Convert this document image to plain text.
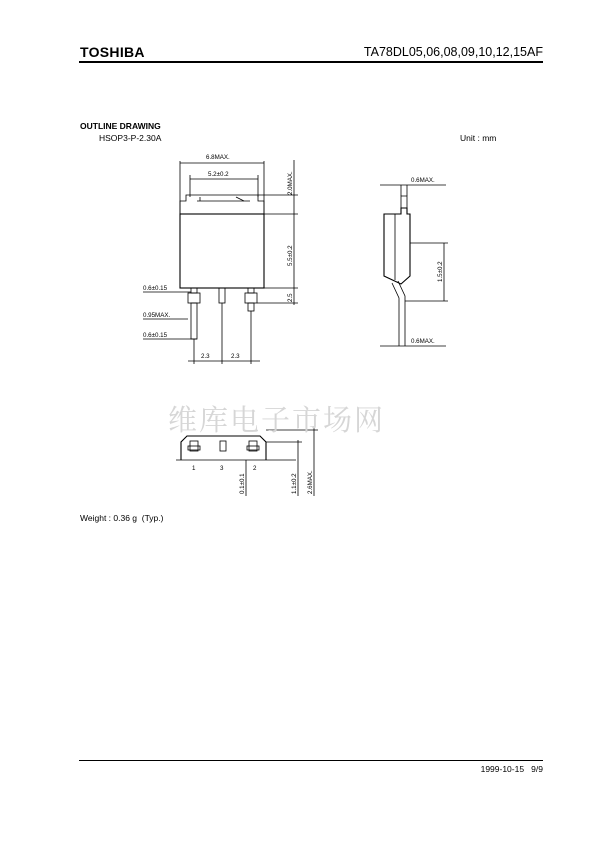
TOSHIBA	TA78DL05,06,08,09,10,12,15AF
OUTLINE DRAWING
HSOP3-P-2.30A	Unit : mm
6.8MAX.
5.2±0.2	2.0MAX.
5.5±0.2
2.5
0.6±0.15
0.95MAX.
0.6±0.15
2.3	2.3
0.6MAX.
1.5±0.2
0.6MAX.
1	3	2
0.1±0.1	1.1±0.2 2.6MAX.
维库电子市场网
Weight : 0.36 g  (Typ.)
1999-10-15 9/9
